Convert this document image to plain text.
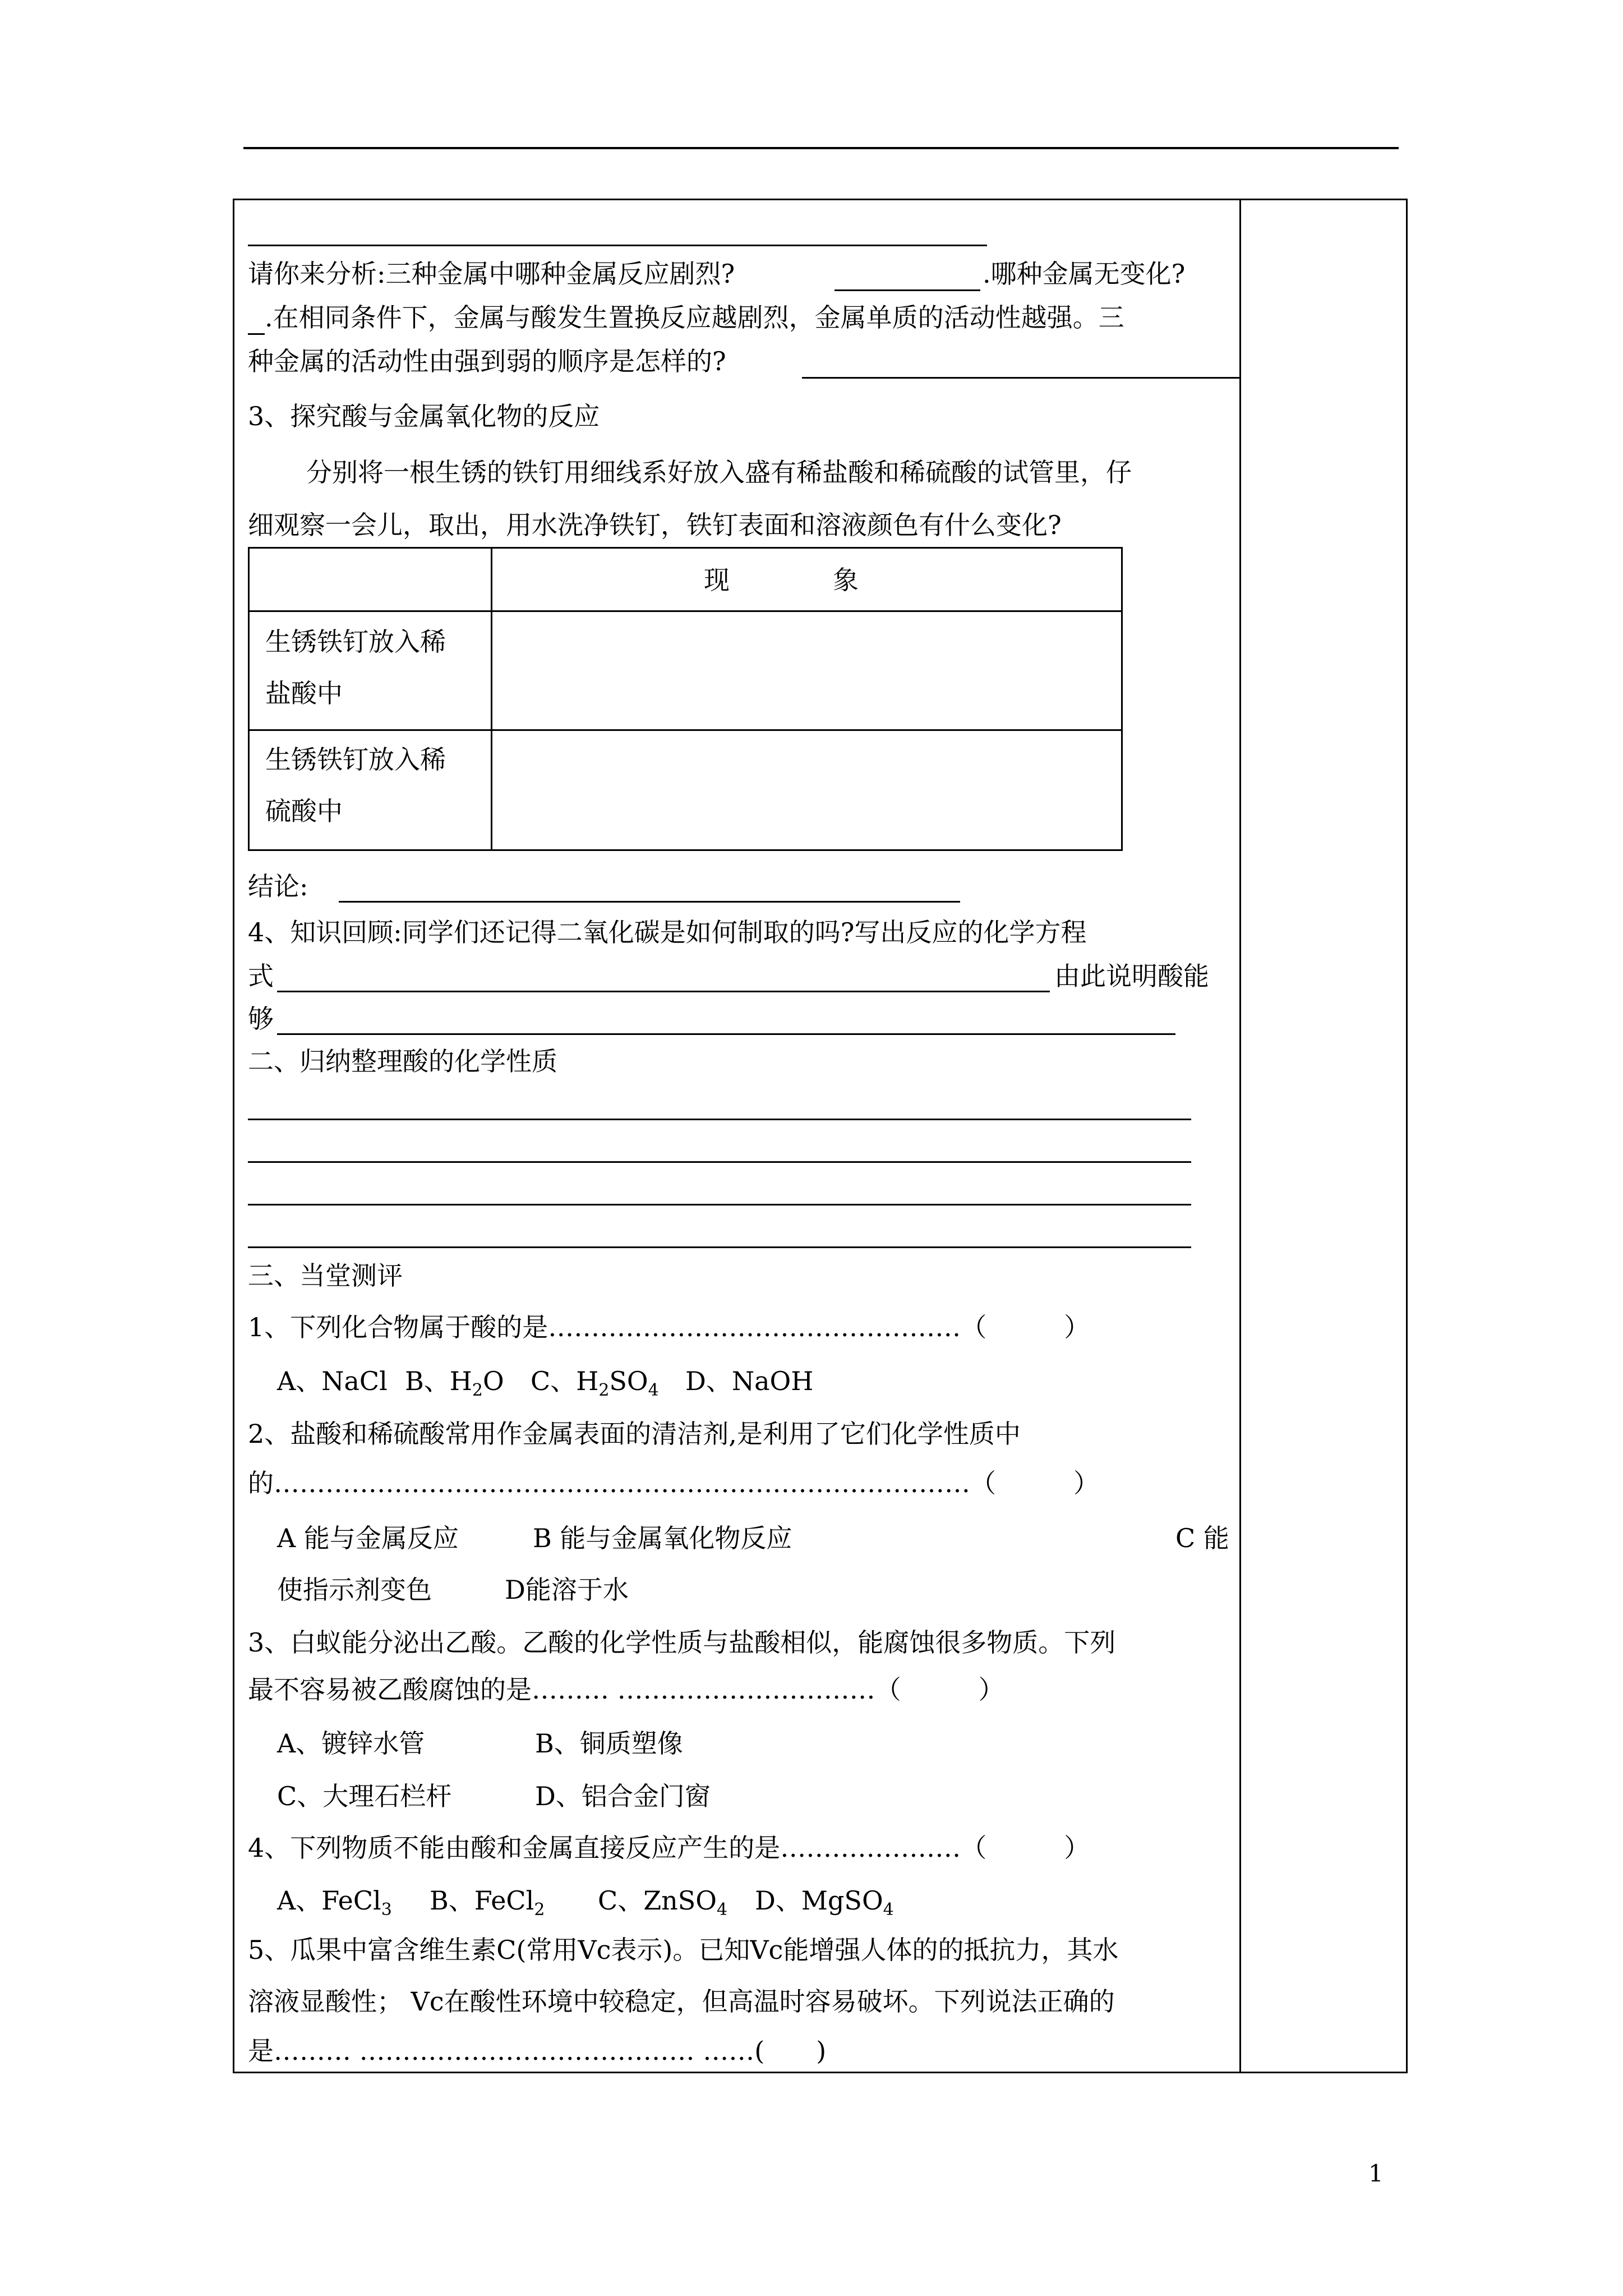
请你来分析:三种金属中哪种金属反应剧烈?	.哪种金属无变化?
.在相同条件下，金属与酸发生置换反应越剧烈，金属单质的活动性越强。三
种金属的活动性由强到弱的顺序是怎样的?
3、探究酸与金属氧化物的反应
分别将一根生锈的铁钉用细线系好放入盛有稀盐酸和稀硫酸的试管里，仔
细观察一会儿，取出，用水洗净铁钉，铁钉表面和溶液颜色有什么变化?
现　　　　象
生锈铁钉放入稀
盐酸中
生锈铁钉放入稀
硫酸中
结论:
4、知识回顾:同学们还记得二氧化碳是如何制取的吗?写出反应的化学方程
式	由此说明酸能
够
二、归纳整理酸的化学性质
三、当堂测评
1、下列化合物属于酸的是…………………………………………（　　　）
A、NaCl B、$H_2O$ C、$H_2SO_4$ D、NaOH
2、盐酸和稀硫酸常用作金属表面的清洁剂,是利用了它们化学性质中
的………………………………………………………………………（　　　）
A 能与金属反应	B 能与金属氧化物反应	C 能
使指示剂变色	D能溶于水
3、白蚁能分泌出乙酸。乙酸的化学性质与盐酸相似，能腐蚀很多物质。下列
最不容易被乙酸腐蚀的是……… …………………………（　　　）
A、镀锌水管	B、铜质塑像
C、大理石栏杆	D、铝合金门窗
4、下列物质不能由酸和金属直接反应产生的是…………………（　　　）
A、FeCl$_3$ B、FeCl$_2$ C、ZnSO$_4$ D、MgSO$_4$
5、瓜果中富含维生素C(常用Vc表示)。已知Vc能增强人体的的抵抗力，其水
溶液显酸性； Vc在酸性环境中较稳定，但高温时容易破坏。下列说法正确的
是……… ………………………………… ……(　　)
1
